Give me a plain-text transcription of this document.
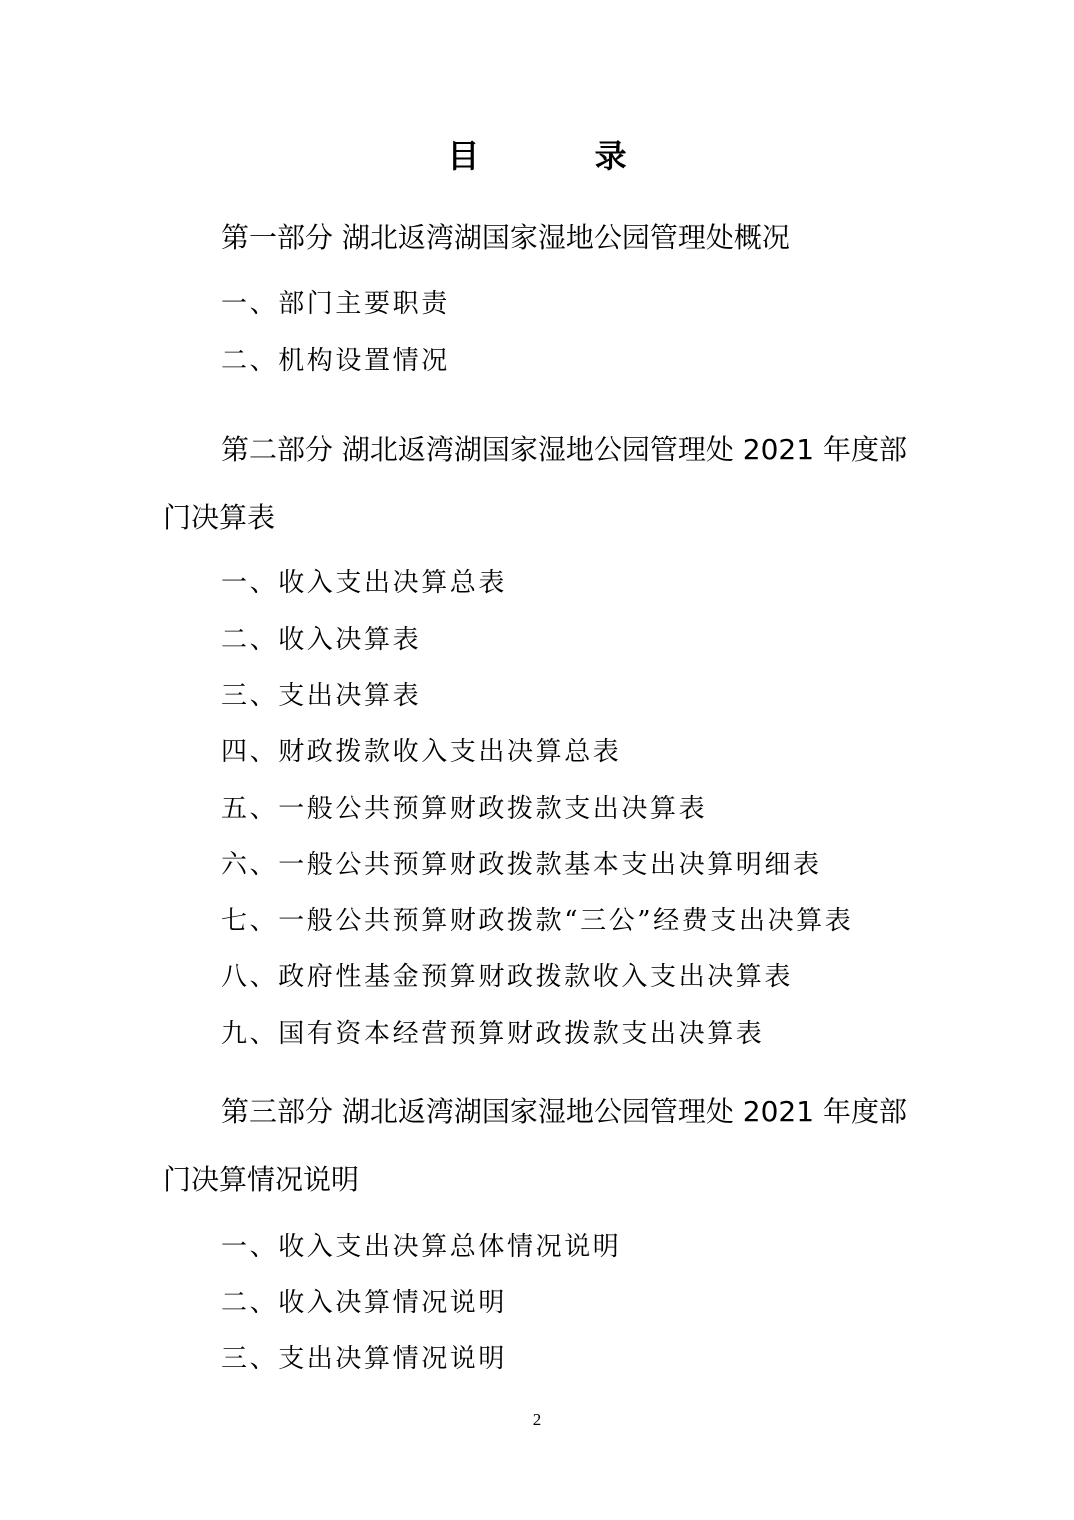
目 录
第一部分 湖北返湾湖国家湿地公园管理处概况
一、部门主要职责
二、机构设置情况
第二部分 湖北返湾湖国家湿地公园管理处 2021 年度部门决算表
一、收入支出决算总表
二、收入决算表
三、支出决算表
四、财政拨款收入支出决算总表
五、一般公共预算财政拨款支出决算表
六、一般公共预算财政拨款基本支出决算明细表
七、一般公共预算财政拨款“三公”经费支出决算表
八、政府性基金预算财政拨款收入支出决算表
九、国有资本经营预算财政拨款支出决算表
第三部分 湖北返湾湖国家湿地公园管理处 2021 年度部门决算情况说明
一、收入支出决算总体情况说明
二、收入决算情况说明
三、支出决算情况说明
2
